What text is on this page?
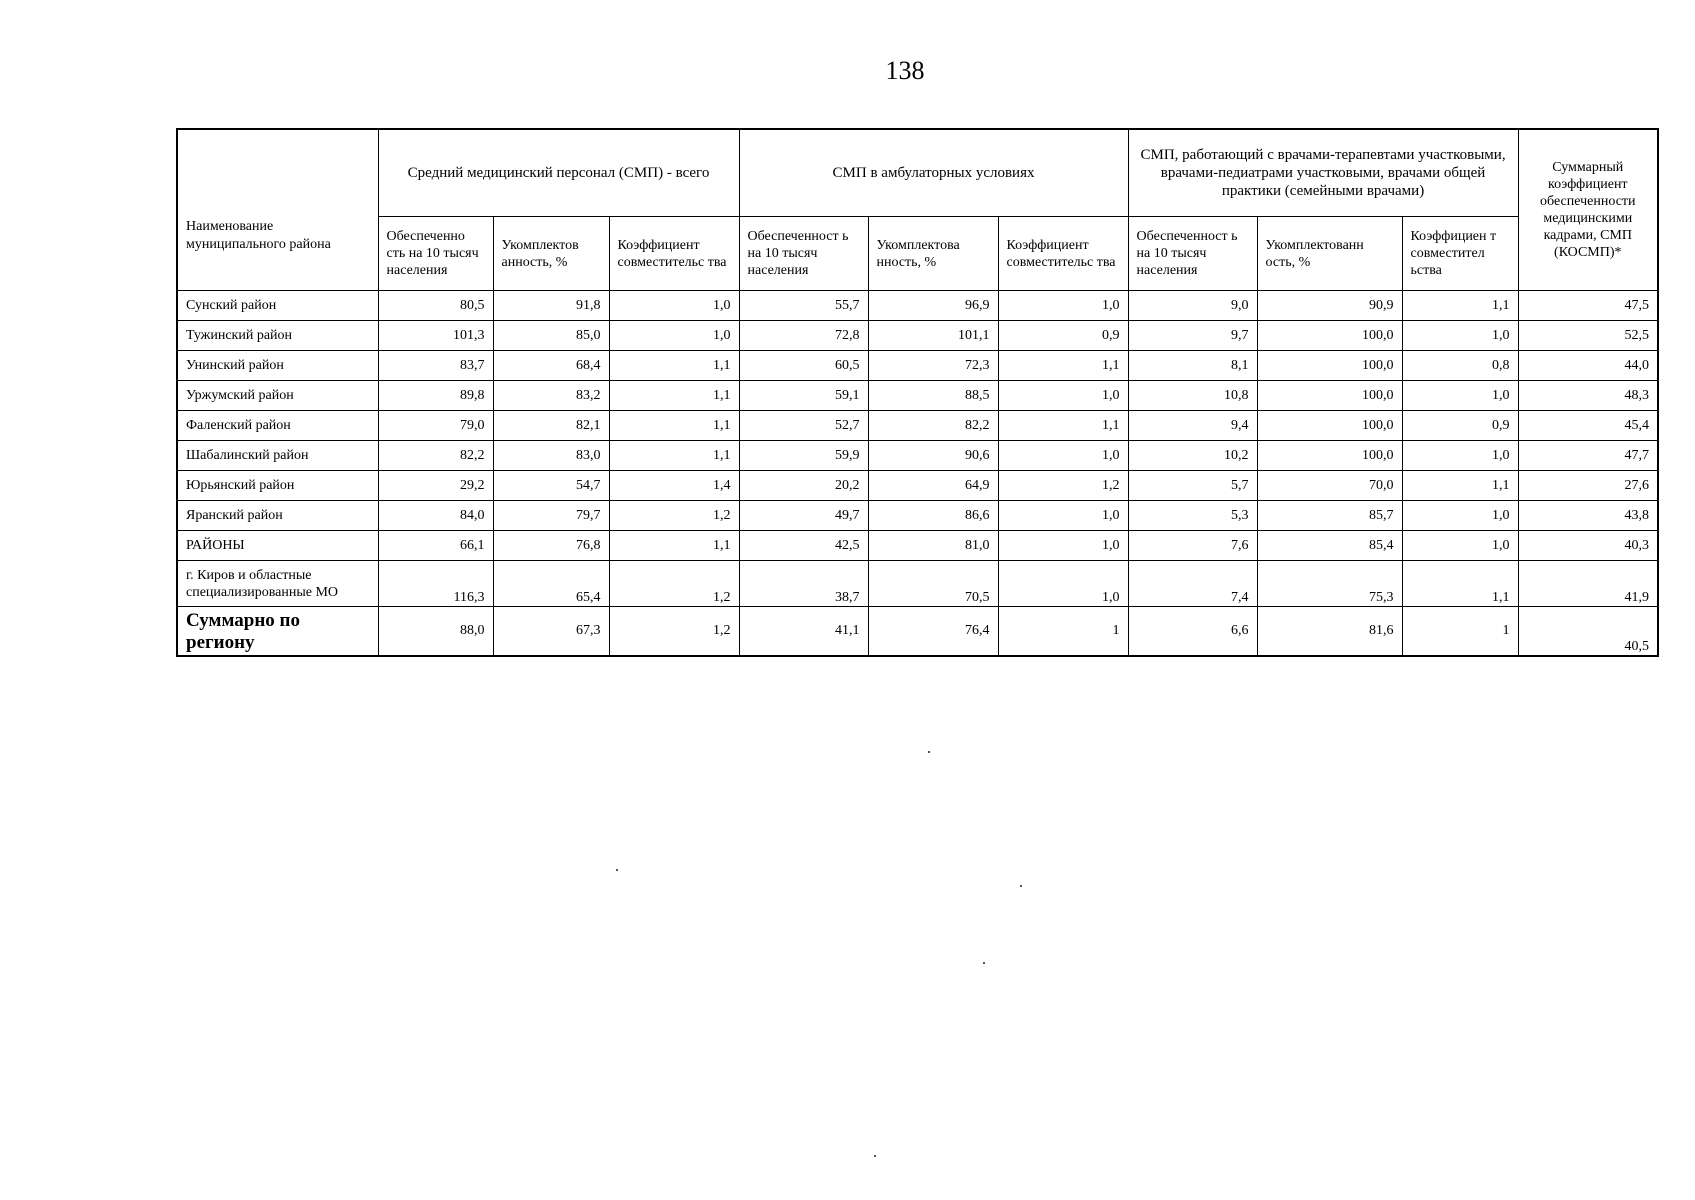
138
Наименование муниципального района	Средний медицинский персонал (СМП) - всего			СМП в амбулаторных условиях			СМП, работающий с врачами-терапевтами участковыми, врачами-педиатрами участковыми, врачами общей практики (семейными врачами)			Суммарный коэффициент обеспеченности медицинскими кадрами, СМП (КОСМП)*
	Обеспеченно сть на 10 тысяч населения	Укомплектов анность, %	Коэффициент совместительс тва	Обеспеченност ь на 10 тысяч населения	Укомплектова нность, %	Коэффициент совместительс тва	Обеспеченност ь на 10 тысяч населения	Укомплектованн ость, %	Коэффициен т совместител ьства	
Сунский район	80,5	91,8	1,0	55,7	96,9	1,0	9,0	90,9	1,1	47,5
Тужинский район	101,3	85,0	1,0	72,8	101,1	0,9	9,7	100,0	1,0	52,5
Унинский район	83,7	68,4	1,1	60,5	72,3	1,1	8,1	100,0	0,8	44,0
Уржумский район	89,8	83,2	1,1	59,1	88,5	1,0	10,8	100,0	1,0	48,3
Фаленский район	79,0	82,1	1,1	52,7	82,2	1,1	9,4	100,0	0,9	45,4
Шабалинский район	82,2	83,0	1,1	59,9	90,6	1,0	10,2	100,0	1,0	47,7
Юрьянский район	29,2	54,7	1,4	20,2	64,9	1,2	5,7	70,0	1,1	27,6
Яранский район	84,0	79,7	1,2	49,7	86,6	1,0	5,3	85,7	1,0	43,8
РАЙОНЫ	66,1	76,8	1,1	42,5	81,0	1,0	7,6	85,4	1,0	40,3
г. Киров и областные специализированные МО	116,3	65,4	1,2	38,7	70,5	1,0	7,4	75,3	1,1	41,9
Суммарно по региону	88,0	67,3	1,2	41,1	76,4	1	6,6	81,6	1	40,5
